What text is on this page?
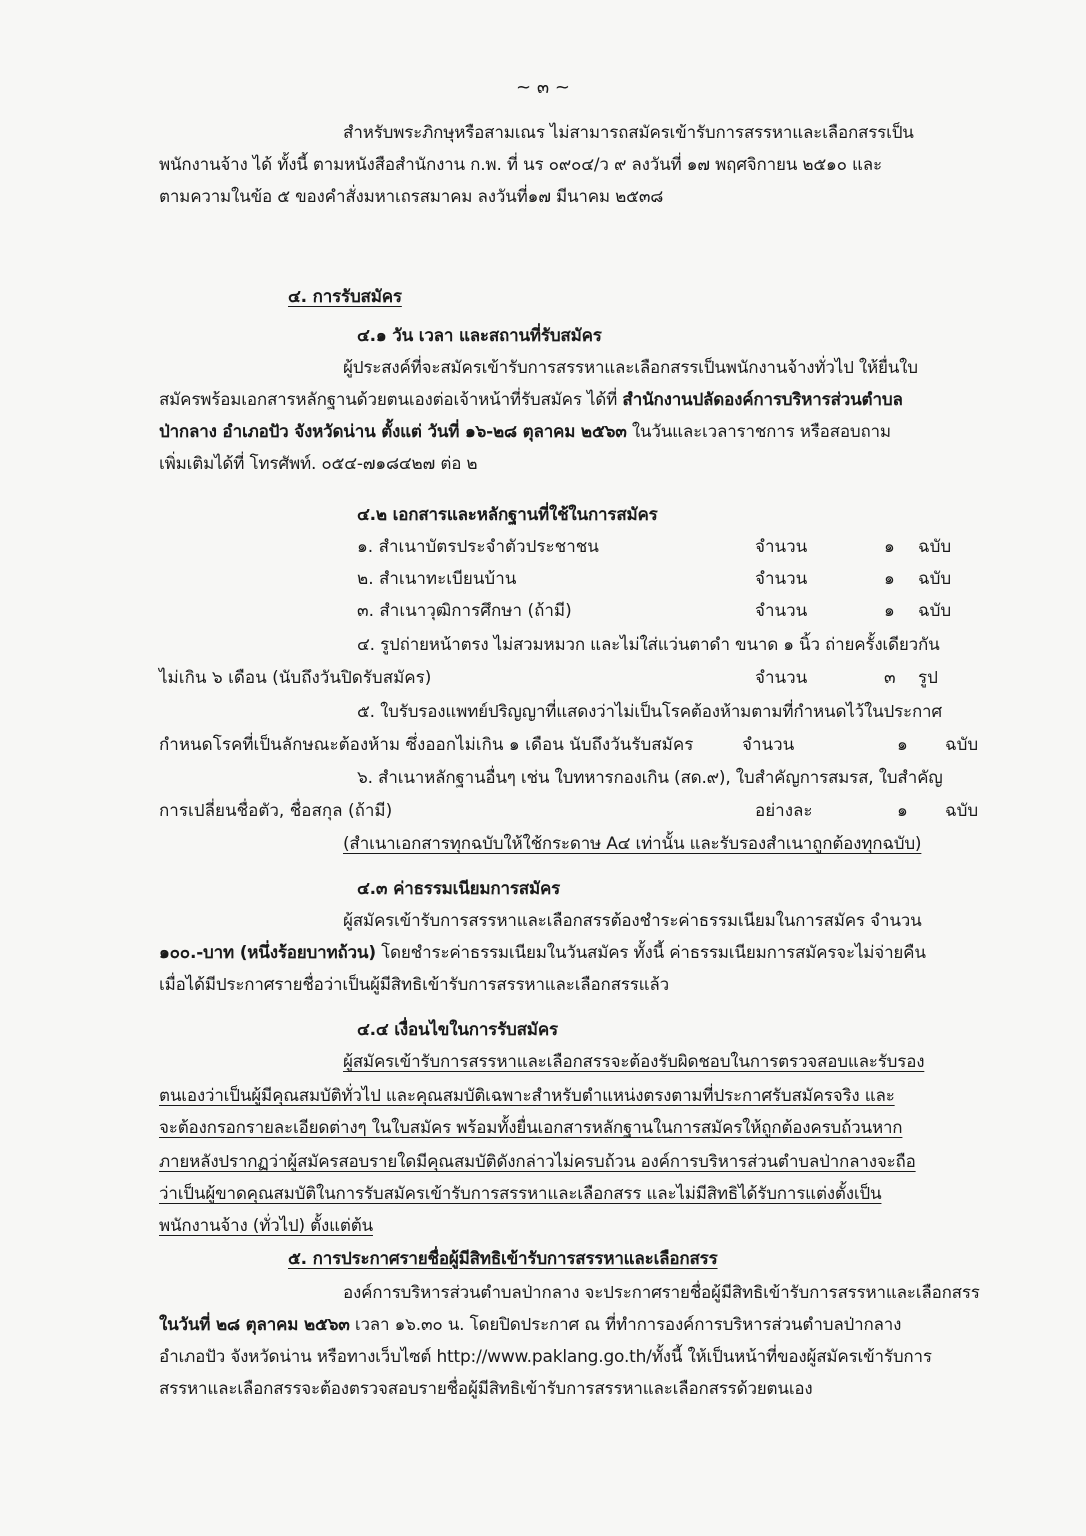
~ ๓ ~
สำหรับพระภิกษุหรือสามเณร ไม่สามารถสมัครเข้ารับการสรรหาและเลือกสรรเป็น
พนักงานจ้าง ได้ ทั้งนี้ ตามหนังสือสำนักงาน ก.พ. ที่ นร ๐๙๐๔/ว ๙ ลงวันที่ ๑๗ พฤศจิกายน ๒๕๑๐ และ
ตามความในข้อ ๕ ของคำสั่งมหาเถรสมาคม ลงวันที่๑๗ มีนาคม ๒๕๓๘
๔. การรับสมัคร
๔.๑ วัน เวลา และสถานที่รับสมัคร
ผู้ประสงค์ที่จะสมัครเข้ารับการสรรหาและเลือกสรรเป็นพนักงานจ้างทั่วไป ให้ยื่นใบ
สมัครพร้อมเอกสารหลักฐานด้วยตนเองต่อเจ้าหน้าที่รับสมัคร ได้ที่ สำนักงานปลัดองค์การบริหารส่วนตำบล
ป่ากลาง อำเภอปัว จังหวัดน่าน ตั้งแต่ วันที่ ๑๖-๒๘ ตุลาคม ๒๕๖๓ ในวันและเวลาราชการ หรือสอบถาม
เพิ่มเติมได้ที่ โทรศัพท์. ๐๕๔-๗๑๘๔๒๗ ต่อ ๒
๔.๒ เอกสารและหลักฐานที่ใช้ในการสมัคร
๑. สำเนาบัตรประจำตัวประชาชน	จำนวน	๑ ฉบับ
๒. สำเนาทะเบียนบ้าน	จำนวน	๑ ฉบับ
๓. สำเนาวุฒิการศึกษา (ถ้ามี)	จำนวน	๑ ฉบับ
๔. รูปถ่ายหน้าตรง ไม่สวมหมวก และไม่ใส่แว่นตาดำ ขนาด ๑ นิ้ว ถ่ายครั้งเดียวกัน
ไม่เกิน ๖ เดือน (นับถึงวันปิดรับสมัคร)	จำนวน	๓ รูป
๕. ใบรับรองแพทย์ปริญญาที่แสดงว่าไม่เป็นโรคต้องห้ามตามที่กำหนดไว้ในประกาศ
กำหนดโรคที่เป็นลักษณะต้องห้าม ซึ่งออกไม่เกิน ๑ เดือน นับถึงวันรับสมัคร	จำนวน	๑ ฉบับ
๖. สำเนาหลักฐานอื่นๆ เช่น ใบทหารกองเกิน (สด.๙), ใบสำคัญการสมรส, ใบสำคัญ
การเปลี่ยนชื่อตัว, ชื่อสกุล (ถ้ามี)	อย่างละ	๑ ฉบับ
(สำเนาเอกสารทุกฉบับให้ใช้กระดาษ A๔ เท่านั้น และรับรองสำเนาถูกต้องทุกฉบับ)
๔.๓ ค่าธรรมเนียมการสมัคร
ผู้สมัครเข้ารับการสรรหาและเลือกสรรต้องชำระค่าธรรมเนียมในการสมัคร จำนวน
๑๐๐.-บาท (หนึ่งร้อยบาทถ้วน) โดยชำระค่าธรรมเนียมในวันสมัคร ทั้งนี้ ค่าธรรมเนียมการสมัครจะไม่จ่ายคืน
เมื่อได้มีประกาศรายชื่อว่าเป็นผู้มีสิทธิเข้ารับการสรรหาและเลือกสรรแล้ว
๔.๔ เงื่อนไขในการรับสมัคร
ผู้สมัครเข้ารับการสรรหาและเลือกสรรจะต้องรับผิดชอบในการตรวจสอบและรับรอง
ตนเองว่าเป็นผู้มีคุณสมบัติทั่วไป และคุณสมบัติเฉพาะสำหรับตำแหน่งตรงตามที่ประกาศรับสมัครจริง และ
จะต้องกรอกรายละเอียดต่างๆ ในใบสมัคร พร้อมทั้งยื่นเอกสารหลักฐานในการสมัครให้ถูกต้องครบถ้วนหาก
ภายหลังปรากฏว่าผู้สมัครสอบรายใดมีคุณสมบัติดังกล่าวไม่ครบถ้วน องค์การบริหารส่วนตำบลป่ากลางจะถือ
ว่าเป็นผู้ขาดคุณสมบัติในการรับสมัครเข้ารับการสรรหาและเลือกสรร และไม่มีสิทธิได้รับการแต่งตั้งเป็น
พนักงานจ้าง (ทั่วไป) ตั้งแต่ต้น
๕. การประกาศรายชื่อผู้มีสิทธิเข้ารับการสรรหาและเลือกสรร
องค์การบริหารส่วนตำบลป่ากลาง จะประกาศรายชื่อผู้มีสิทธิเข้ารับการสรรหาและเลือกสรร
ในวันที่ ๒๘ ตุลาคม ๒๕๖๓ เวลา ๑๖.๓๐ น. โดยปิดประกาศ ณ ที่ทำการองค์การบริหารส่วนตำบลป่ากลาง
อำเภอปัว จังหวัดน่าน หรือทางเว็บไซต์ http://www.paklang.go.th/ทั้งนี้ ให้เป็นหน้าที่ของผู้สมัครเข้ารับการ
สรรหาและเลือกสรรจะต้องตรวจสอบรายชื่อผู้มีสิทธิเข้ารับการสรรหาและเลือกสรรด้วยตนเอง
